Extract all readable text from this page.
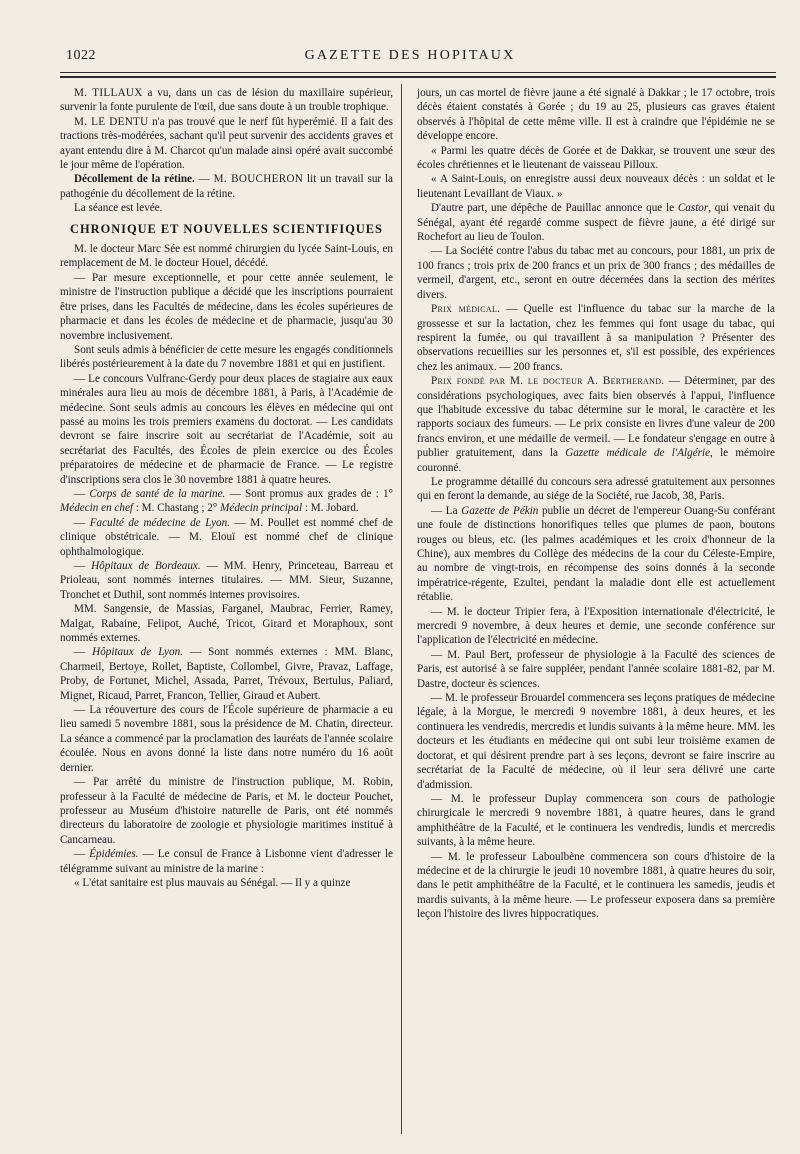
1022	GAZETTE DES HOPITAUX

M. TILLAUX a vu, dans un cas de lésion du maxillaire supérieur, survenir la fonte purulente de l'œil, due sans doute à un trouble trophique.

M. LE DENTU n'a pas trouvé que le nerf fût hyperémié. Il a fait des tractions très-modérées, sachant qu'il peut survenir des accidents graves et ayant entendu dire à M. Charcot qu'un malade ainsi opéré avait succombé le jour même de l'opération.

Décollement de la rétine. — M. BOUCHERON lit un travail sur la pathogénie du décollement de la rétine.

La séance est levée.

CHRONIQUE ET NOUVELLES SCIENTIFIQUES

M. le docteur Marc Sée est nommé chirurgien du lycée Saint-Louis, en remplacement de M. le docteur Houel, décédé.

— Par mesure exceptionnelle, et pour cette année seulement, le ministre de l'instruction publique a décidé que les inscriptions pourraient être prises, dans les Facultés de médecine, dans les écoles supérieures de pharmacie et dans les écoles de médecine et de pharmacie, jusqu'au 30 novembre inclusivement.

Sont seuls admis à bénéficier de cette mesure les engagés conditionnels libérés postérieurement à la date du 7 novembre 1881 et qui en justifient.

— Le concours Vulfranc-Gerdy pour deux places de stagiaire aux eaux minérales aura lieu au mois de décembre 1881, à Paris, à l'Académie de médecine. Sont seuls admis au concours les élèves en médecine qui ont passé au moins les trois premiers examens du doctorat. — Les candidats devront se faire inscrire soit au secrétariat de l'Académie, soit au secrétariat des Facultés, des Écoles de plein exercice ou des Écoles préparatoires de médecine et de pharmacie de France. — Le registre d'inscriptions sera clos le 30 novembre 1881 à quatre heures.

— Corps de santé de la marine. — Sont promus aux grades de : 1° Médecin en chef : M. Chastang ; 2° Médecin principal : M. Jobard.

— Faculté de médecine de Lyon. — M. Poullet est nommé chef de clinique obstétricale. — M. Elouï est nommé chef de clinique ophthalmologique.

— Hôpitaux de Bordeaux. — MM. Henry, Princeteau, Barreau et Prioleau, sont nommés internes titulaires. — MM. Sieur, Suzanne, Tronchet et Duthil, sont nommés internes provisoires.

MM. Sangensie, de Massias, Farganel, Maubrac, Ferrier, Ramey, Malgat, Rabaine, Felipot, Auché, Tricot, Girard et Moraphoux, sont nommés externes.

— Hôpitaux de Lyon. — Sont nommés externes : MM. Blanc, Charmeil, Bertoye, Rollet, Baptiste, Collombel, Givre, Pravaz, Laffage, Proby, de Fortunet, Michel, Assada, Parret, Trévoux, Bertulus, Paliard, Mignet, Ricaud, Parret, Francon, Tellier, Giraud et Aubert.

— La réouverture des cours de l'École supérieure de pharmacie a eu lieu samedi 5 novembre 1881, sous la présidence de M. Chatin, directeur. La séance a commencé par la proclamation des lauréats de l'année scolaire écoulée. Nous en avons donné la liste dans notre numéro du 16 août dernier.

— Par arrêté du ministre de l'instruction publique, M. Robin, professeur à la Faculté de médecine de Paris, et M. le docteur Pouchet, professeur au Muséum d'histoire naturelle de Paris, ont été nommés directeurs du laboratoire de zoologie et physiologie maritimes institué à Cancarneau.

— Épidémies. — Le consul de France à Lisbonne vient d'adresser le télégramme suivant au ministre de la marine :

« L'état sanitaire est plus mauvais au Sénégal. — Il y a quinze

jours, un cas mortel de fièvre jaune a été signalé à Dakkar ; le 17 octobre, trois décès étaient constatés à Gorée ; du 19 au 25, plusieurs cas graves étaient observés à l'hôpital de cette même ville. Il est à craindre que l'épidémie ne se développe encore.

« Parmi les quatre décès de Gorée et de Dakkar, se trouvent une sœur des écoles chrétiennes et le lieutenant de vaisseau Pilloux.

« A Saint-Louis, on enregistre aussi deux nouveaux décès : un soldat et le lieutenant Levaillant de Viaux. »

D'autre part, une dépêche de Pauillac annonce que le Castor, qui venait du Sénégal, ayant été regardé comme suspect de fièvre jaune, a été dirigé sur Rochefort au lieu de Toulon.

— La Société contre l'abus du tabac met au concours, pour 1881, un prix de 100 francs ; trois prix de 200 francs et un prix de 300 francs ; des médailles de vermeil, d'argent, etc., seront en outre décernées dans la section des mérites divers.

Prix médical. — Quelle est l'influence du tabac sur la marche de la grossesse et sur la lactation, chez les femmes qui font usage du tabac, qui respirent la fumée, ou qui travaillent à sa manipulation ? Présenter des observations recueillies sur les personnes et, s'il est possible, des expériences chez les animaux. — 200 francs.

Prix fondé par M. le docteur A. Bertherand. — Déterminer, par des considérations psychologiques, avec faits bien observés à l'appui, l'influence que l'habitude excessive du tabac détermine sur le moral, le caractère et les rapports sociaux des fumeurs. — Le prix consiste en livres d'une valeur de 200 francs environ, et une médaille de vermeil. — Le fondateur s'engage en outre à publier gratuitement, dans la Gazette médicale de l'Algérie, le mémoire couronné.

Le programme détaillé du concours sera adressé gratuitement aux personnes qui en feront la demande, au siége de la Société, rue Jacob, 38, Paris.

— La Gazette de Pékin publie un décret de l'empereur Ouang-Su conférant une foule de distinctions honorifiques telles que plumes de paon, boutons rouges ou bleus, etc. (les palmes académiques et les croix d'honneur de la Chine), aux membres du Collège des médecins de la cour du Céleste-Empire, au nombre de vingt-trois, en récompense des soins donnés à la seconde impératrice-régente, Ezultei, pendant la maladie dont elle est actuellement rétablie.

— M. le docteur Tripier fera, à l'Exposition internationale d'électricité, le mercredi 9 novembre, à deux heures et demie, une seconde conférence sur l'application de l'électricité en médecine.

— M. Paul Bert, professeur de physiologie à la Faculté des sciences de Paris, est autorisé à se faire suppléer, pendant l'année scolaire 1881-82, par M. Dastre, docteur ès sciences.

— M. le professeur Brouardel commencera ses leçons pratiques de médecine légale, à la Morgue, le mercredi 9 novembre 1881, à deux heures, et les continuera les vendredis, mercredis et lundis suivants à la même heure. MM. les docteurs et les étudiants en médecine qui ont subi leur troisième examen de doctorat, et qui désirent prendre part à ses leçons, devront se faire inscrire au secrétariat de la Faculté de médecine, où il leur sera délivré une carte d'admission.

— M. le professeur Duplay commencera son cours de pathologie chirurgicale le mercredi 9 novembre 1881, à quatre heures, dans le grand amphithéâtre de la Faculté, et le continuera les vendredis, lundis et mercredis suivants, à la même heure.

— M. le professeur Laboulbène commencera son cours d'histoire de la médecine et de la chirurgie le jeudi 10 novembre 1881, à quatre heures du soir, dans le petit amphithéâtre de la Faculté, et le continuera les samedis, jeudis et mardis suivants, à la même heure. — Le professeur exposera dans sa première leçon l'histoire des livres hippocratiques.
